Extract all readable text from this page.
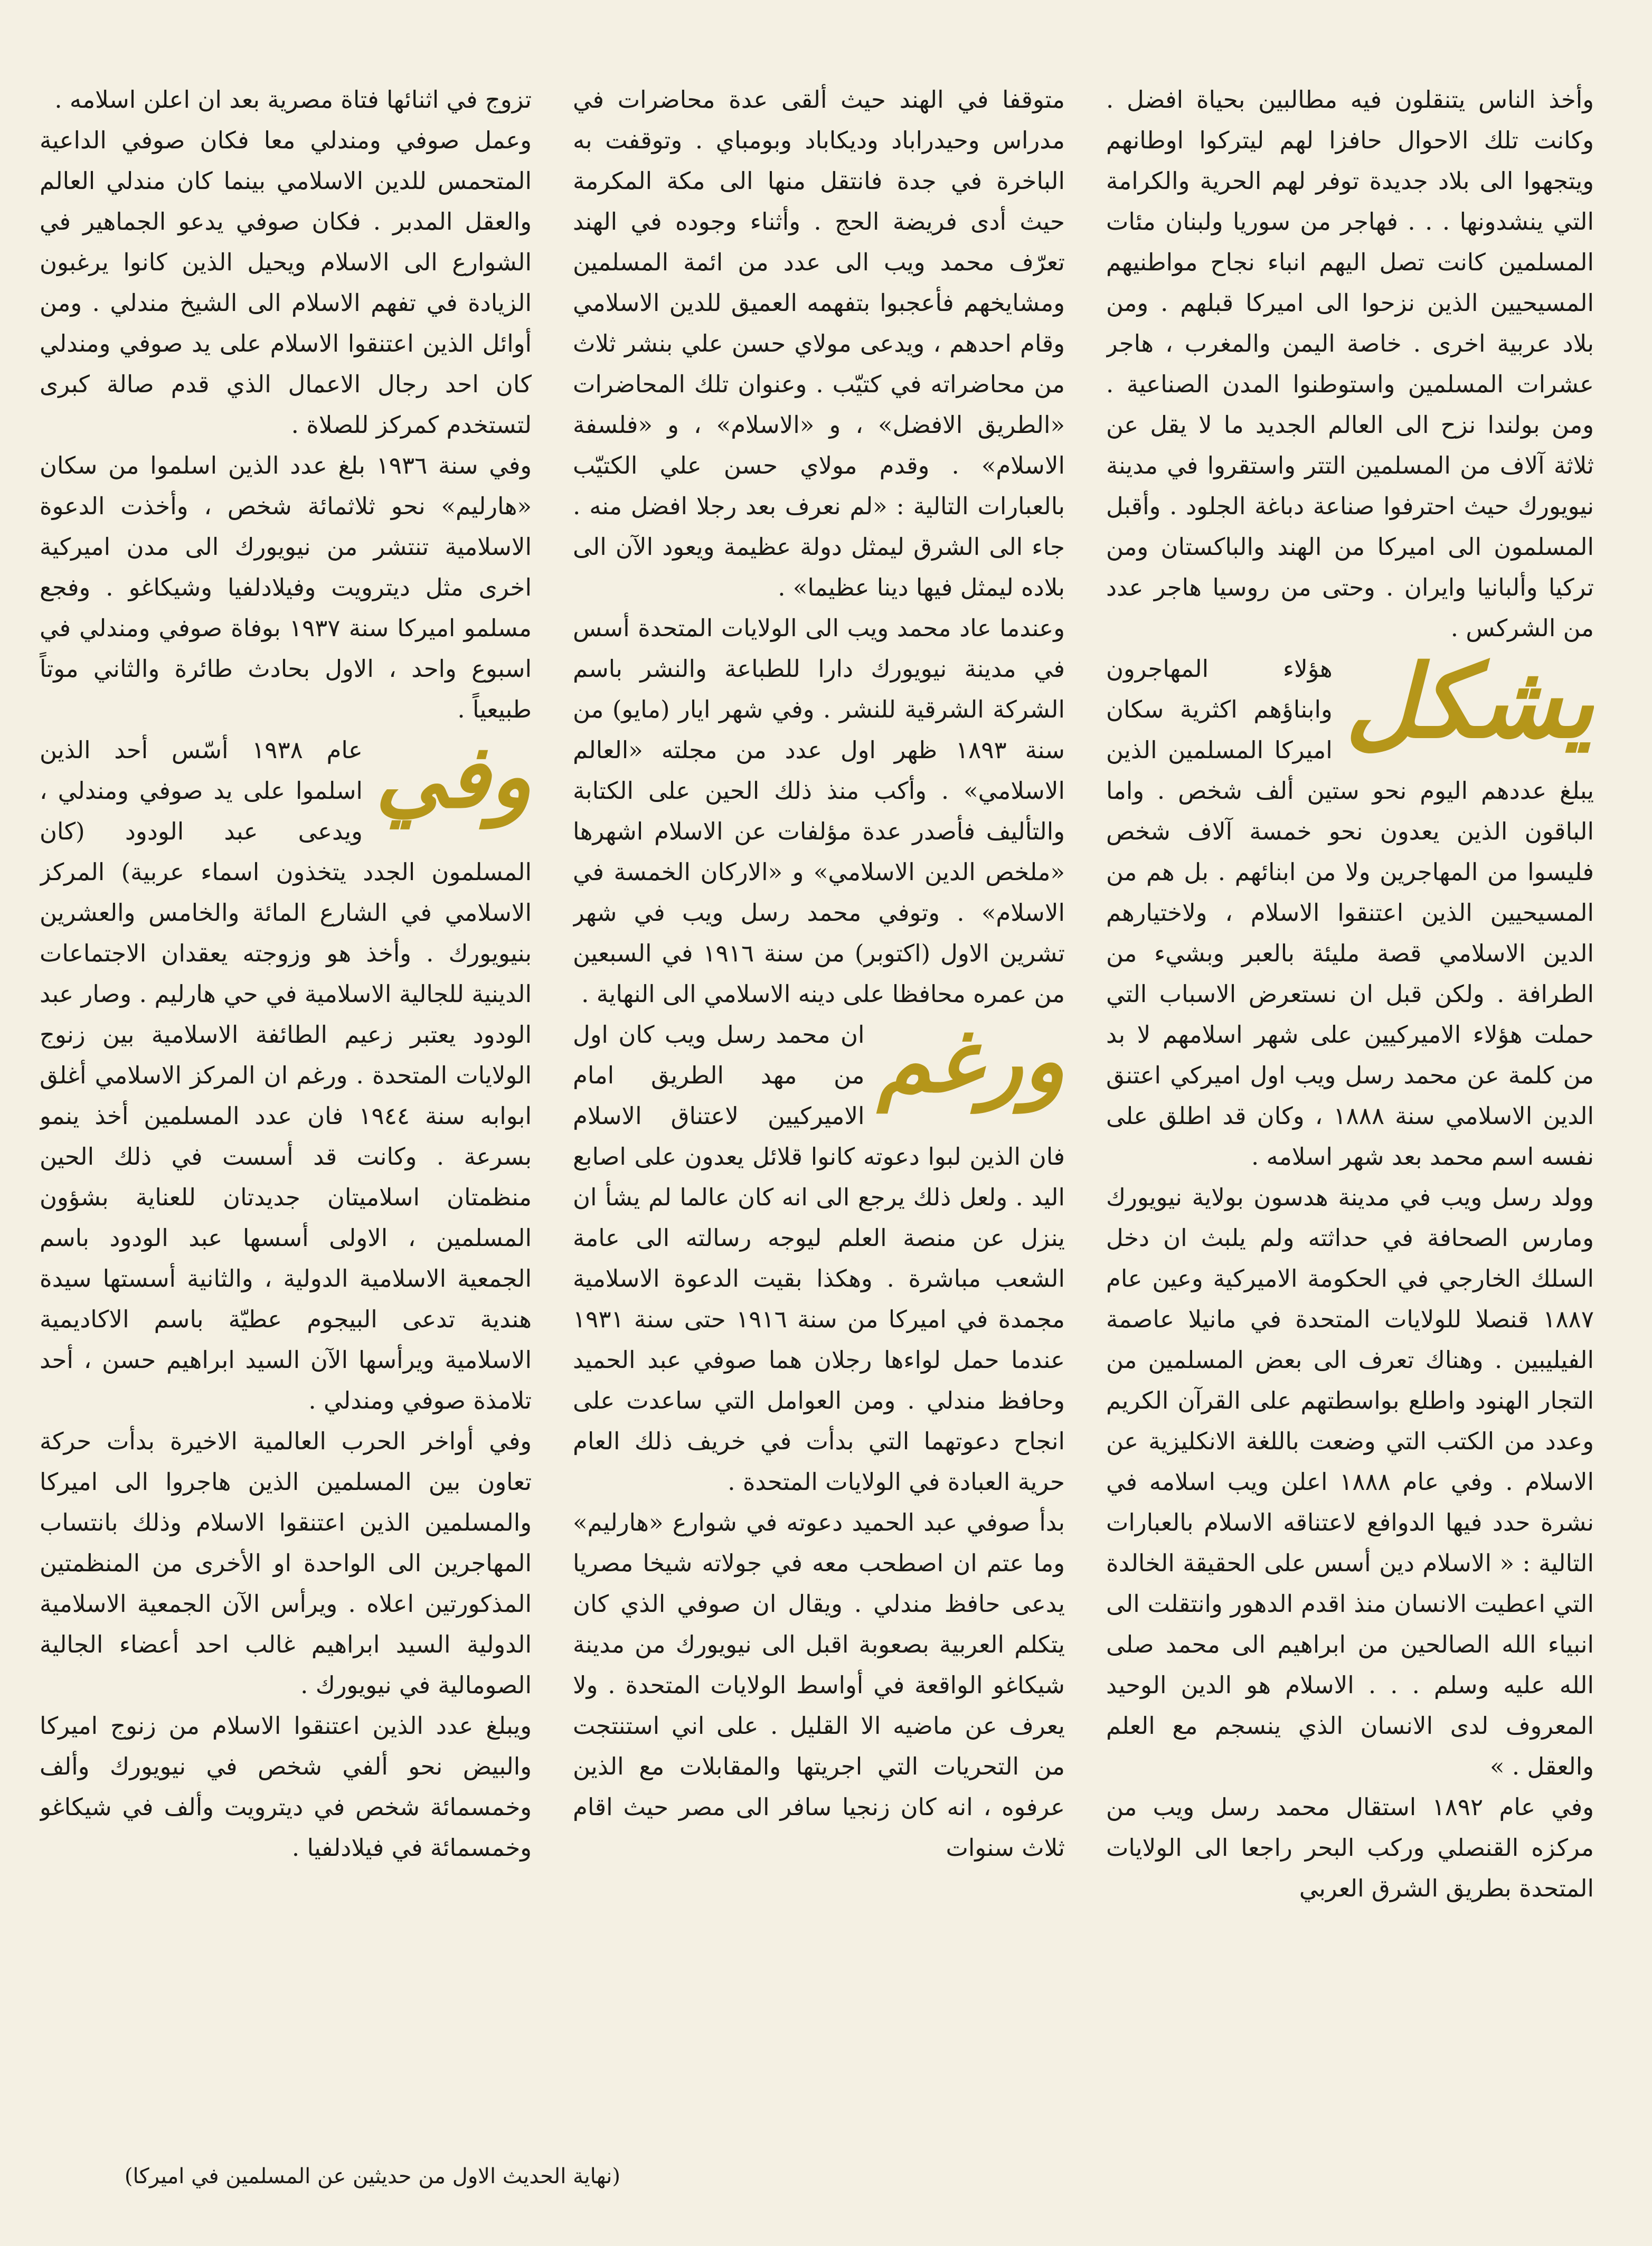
وأخذ الناس يتنقلون فيه مطالبين بحياة افضل . وكانت تلك الاحوال حافزا لهم ليتركوا اوطانهم ويتجهوا الى بلاد جديدة توفر لهم الحرية والكرامة التي ينشدونها . . . فهاجر من سوريا ولبنان مئات المسلمين كانت تصل اليهم انباء نجاح مواطنيهم المسيحيين الذين نزحوا الى اميركا قبلهم . ومن بلاد عربية اخرى . خاصة اليمن والمغرب ، هاجر عشرات المسلمين واستوطنوا المدن الصناعية . ومن بولندا نزح الى العالم الجديد ما لا يقل عن ثلاثة آلاف من المسلمين التتر واستقروا في مدينة نيويورك حيث احترفوا صناعة دباغة الجلود . وأقبل المسلمون الى اميركا من الهند والباكستان ومن تركيا وألبانيا وايران . وحتى من روسيا هاجر عدد من الشركس .

يشكل

هؤلاء المهاجرون وابناؤهم اكثرية سكان اميركا المسلمين الذين يبلغ عددهم اليوم نحو ستين ألف شخص . واما الباقون الذين يعدون نحو خمسة آلاف شخص فليسوا من المهاجرين ولا من ابنائهم . بل هم من المسيحيين الذين اعتنقوا الاسلام ، ولاختيارهم الدين الاسلامي قصة مليئة بالعبر وبشيء من الطرافة . ولكن قبل ان نستعرض الاسباب التي حملت هؤلاء الاميركيين على شهر اسلامهم لا بد من كلمة عن محمد رسل ويب اول اميركي اعتنق الدين الاسلامي سنة ١٨٨٨ ، وكان قد اطلق على نفسه اسم محمد بعد شهر اسلامه .

وولد رسل ويب في مدينة هدسون بولاية نيويورك ومارس الصحافة في حداثته ولم يلبث ان دخل السلك الخارجي في الحكومة الاميركية وعين عام ١٨٨٧ قنصلا للولايات المتحدة في مانيلا عاصمة الفيليبين . وهناك تعرف الى بعض المسلمين من التجار الهنود واطلع بواسطتهم على القرآن الكريم وعدد من الكتب التي وضعت باللغة الانكليزية عن الاسلام . وفي عام ١٨٨٨ اعلن ويب اسلامه في نشرة حدد فيها الدوافع لاعتناقه الاسلام بالعبارات التالية : « الاسلام دين أسس على الحقيقة الخالدة التي اعطيت الانسان منذ اقدم الدهور وانتقلت الى انبياء الله الصالحين من ابراهيم الى محمد صلى الله عليه وسلم . . . الاسلام هو الدين الوحيد المعروف لدى الانسان الذي ينسجم مع العلم والعقل . »

وفي عام ١٨٩٢ استقال محمد رسل ويب من مركزه القنصلي وركب البحر راجعا الى الولايات المتحدة بطريق الشرق العربي

متوقفا في الهند حيث ألقى عدة محاضرات في مدراس وحيدراباد وديكاباد وبومباي . وتوقفت به الباخرة في جدة فانتقل منها الى مكة المكرمة حيث أدى فريضة الحج . وأثناء وجوده في الهند تعرّف محمد ويب الى عدد من ائمة المسلمين ومشايخهم فأعجبوا بتفهمه العميق للدين الاسلامي وقام احدهم ، ويدعى مولاي حسن علي بنشر ثلاث من محاضراته في كتيّب . وعنوان تلك المحاضرات «الطريق الافضل» ، و «الاسلام» ، و «فلسفة الاسلام» . وقدم مولاي حسن علي الكتيّب بالعبارات التالية : «لم نعرف بعد رجلا افضل منه . جاء الى الشرق ليمثل دولة عظيمة ويعود الآن الى بلاده ليمثل فيها دينا عظيما» .

وعندما عاد محمد ويب الى الولايات المتحدة أسس في مدينة نيويورك دارا للطباعة والنشر باسم الشركة الشرقية للنشر . وفي شهر ايار (مايو) من سنة ١٨٩٣ ظهر اول عدد من مجلته «العالم الاسلامي» . وأكب منذ ذلك الحين على الكتابة والتأليف فأصدر عدة مؤلفات عن الاسلام اشهرها «ملخص الدين الاسلامي» و «الاركان الخمسة في الاسلام» . وتوفي محمد رسل ويب في شهر تشرين الاول (اكتوبر) من سنة ١٩١٦ في السبعين من عمره محافظا على دينه الاسلامي الى النهاية .

ورغم

ان محمد رسل ويب كان اول من مهد الطريق امام الاميركيين لاعتناق الاسلام فان الذين لبوا دعوته كانوا قلائل يعدون على اصابع اليد . ولعل ذلك يرجع الى انه كان عالما لم يشأ ان ينزل عن منصة العلم ليوجه رسالته الى عامة الشعب مباشرة . وهكذا بقيت الدعوة الاسلامية مجمدة في اميركا من سنة ١٩١٦ حتى سنة ١٩٣١ عندما حمل لواءها رجلان هما صوفي عبد الحميد وحافظ مندلي . ومن العوامل التي ساعدت على انجاح دعوتهما التي بدأت في خريف ذلك العام حرية العبادة في الولايات المتحدة .

بدأ صوفي عبد الحميد دعوته في شوارع «هارليم» وما عتم ان اصطحب معه في جولاته شيخا مصريا يدعى حافظ مندلي . ويقال ان صوفي الذي كان يتكلم العربية بصعوبة اقبل الى نيويورك من مدينة شيكاغو الواقعة في أواسط الولايات المتحدة . ولا يعرف عن ماضيه الا القليل . على اني استنتجت من التحريات التي اجريتها والمقابلات مع الذين عرفوه ، انه كان زنجيا سافر الى مصر حيث اقام ثلاث سنوات

تزوج في اثنائها فتاة مصرية بعد ان اعلن اسلامه .

وعمل صوفي ومندلي معا فكان صوفي الداعية المتحمس للدين الاسلامي بينما كان مندلي العالم والعقل المدبر . فكان صوفي يدعو الجماهير في الشوارع الى الاسلام ويحيل الذين كانوا يرغبون الزيادة في تفهم الاسلام الى الشيخ مندلي . ومن أوائل الذين اعتنقوا الاسلام على يد صوفي ومندلي كان احد رجال الاعمال الذي قدم صالة كبرى لتستخدم كمركز للصلاة .

وفي سنة ١٩٣٦ بلغ عدد الذين اسلموا من سكان «هارليم» نحو ثلاثمائة شخص ، وأخذت الدعوة الاسلامية تنتشر من نيويورك الى مدن اميركية اخرى مثل ديترويت وفيلادلفيا وشيكاغو . وفجع مسلمو اميركا سنة ١٩٣٧ بوفاة صوفي ومندلي في اسبوع واحد ، الاول بحادث طائرة والثاني موتاً طبيعياً .

وفي

عام ١٩٣٨ أسّس أحد الذين اسلموا على يد صوفي ومندلي ، ويدعى عبد الودود (كان المسلمون الجدد يتخذون اسماء عربية) المركز الاسلامي في الشارع المائة والخامس والعشرين بنيويورك . وأخذ هو وزوجته يعقدان الاجتماعات الدينية للجالية الاسلامية في حي هارليم . وصار عبد الودود يعتبر زعيم الطائفة الاسلامية بين زنوج الولايات المتحدة . ورغم ان المركز الاسلامي أغلق ابوابه سنة ١٩٤٤ فان عدد المسلمين أخذ ينمو بسرعة . وكانت قد أسست في ذلك الحين منظمتان اسلاميتان جديدتان للعناية بشؤون المسلمين ، الاولى أسسها عبد الودود باسم الجمعية الاسلامية الدولية ، والثانية أسستها سيدة هندية تدعى البيجوم عطيّة باسم الاكاديمية الاسلامية ويرأسها الآن السيد ابراهيم حسن ، أحد تلامذة صوفي ومندلي .

وفي أواخر الحرب العالمية الاخيرة بدأت حركة تعاون بين المسلمين الذين هاجروا الى اميركا والمسلمين الذين اعتنقوا الاسلام وذلك بانتساب المهاجرين الى الواحدة او الأخرى من المنظمتين المذكورتين اعلاه . ويرأس الآن الجمعية الاسلامية الدولية السيد ابراهيم غالب احد أعضاء الجالية الصومالية في نيويورك .

ويبلغ عدد الذين اعتنقوا الاسلام من زنوج اميركا والبيض نحو ألفي شخص في نيويورك وألف وخمسمائة شخص في ديترويت وألف في شيكاغو وخمسمائة في فيلادلفيا .

(نهاية الحديث الاول من حديثين عن المسلمين في اميركا)
